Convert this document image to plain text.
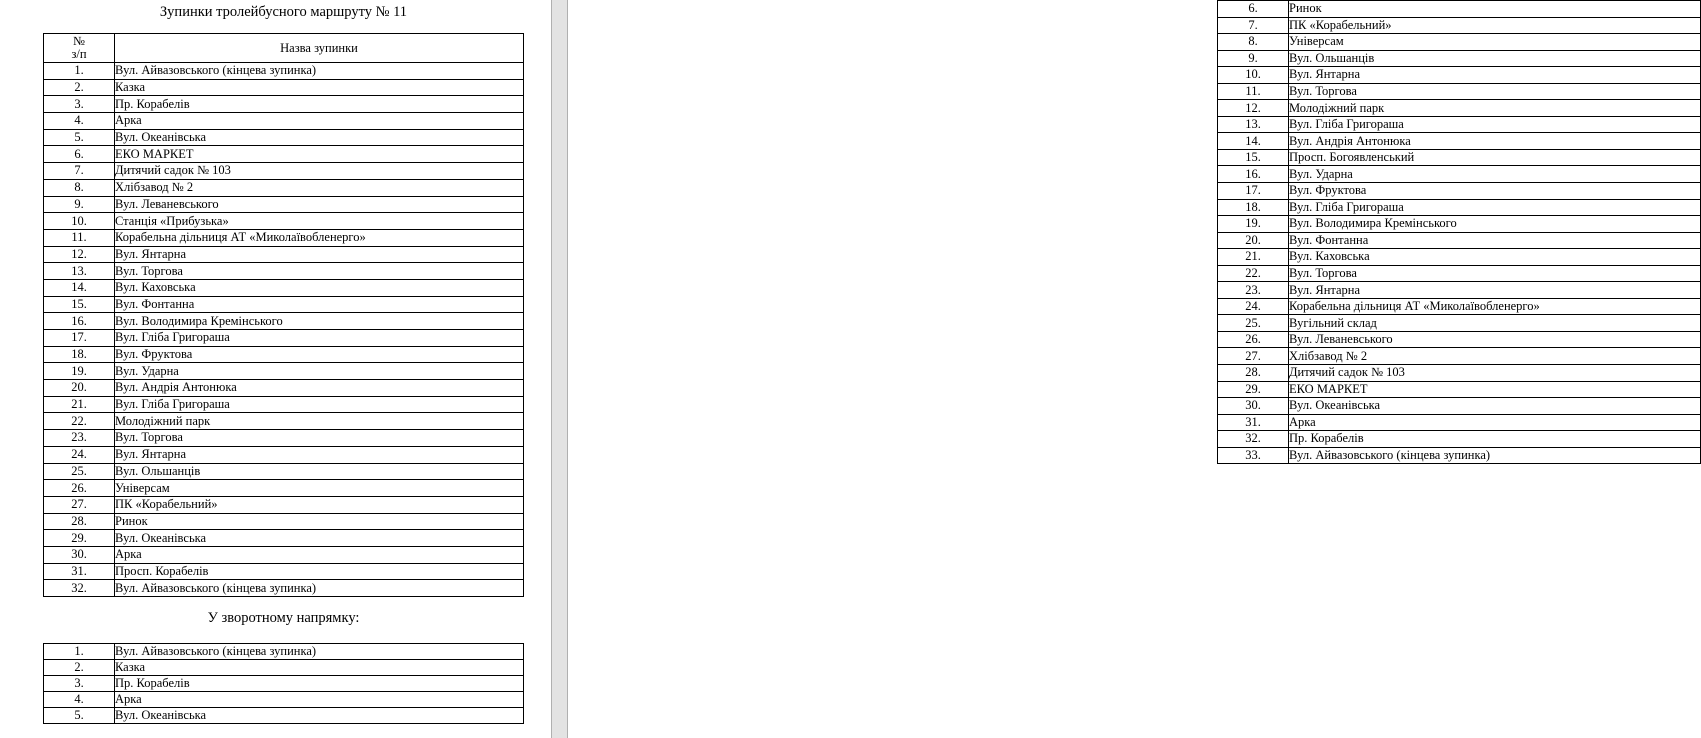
Зупинки тролейбусного маршруту № 11
№
з/п	Назва зупинки
1.	Вул. Айвазовського (кінцева зупинка)
2.	Казка
3.	Пр. Корабелів
4.	Арка
5.	Вул. Океанівська
6.	ЕКО МАРКЕТ
7.	Дитячий садок № 103
8.	Хлібзавод № 2
9.	Вул. Леваневського
10.	Станція «Прибузька»
11.	Корабельна дільниця АТ «Миколаївобленерго»
12.	Вул. Янтарна
13.	Вул. Торгова
14.	Вул. Каховська
15.	Вул. Фонтанна
16.	Вул. Володимира Кремінського
17.	Вул. Гліба Григораша
18.	Вул. Фруктова
19.	Вул. Ударна
20.	Вул. Андрія Антонюка
21.	Вул. Гліба Григораша
22.	Молодіжний парк
23.	Вул. Торгова
24.	Вул. Янтарна
25.	Вул. Ольшанців
26.	Універсам
27.	ПК «Корабельний»
28.	Ринок
29.	Вул. Океанівська
30.	Арка
31.	Просп. Корабелів
32.	Вул. Айвазовського (кінцева зупинка)
У зворотному напрямку:
1.	Вул. Айвазовського (кінцева зупинка)
2.	Казка
3.	Пр. Корабелів
4.	Арка
5.	Вул. Океанівська
6.	Ринок
7.	ПК «Корабельний»
8.	Універсам
9.	Вул. Ольшанців
10.	Вул. Янтарна
11.	Вул. Торгова
12.	Молодіжний парк
13.	Вул. Гліба Григораша
14.	Вул. Андрія Антонюка
15.	Просп. Богоявленський
16.	Вул. Ударна
17.	Вул. Фруктова
18.	Вул. Гліба Григораша
19.	Вул. Володимира Кремінського
20.	Вул. Фонтанна
21.	Вул. Каховська
22.	Вул. Торгова
23.	Вул. Янтарна
24.	Корабельна дільниця АТ «Миколаївобленерго»
25.	Вугільний склад
26.	Вул. Леваневського
27.	Хлібзавод № 2
28.	Дитячий садок № 103
29.	ЕКО МАРКЕТ
30.	Вул. Океанівська
31.	Арка
32.	Пр. Корабелів
33.	Вул. Айвазовського (кінцева зупинка)
